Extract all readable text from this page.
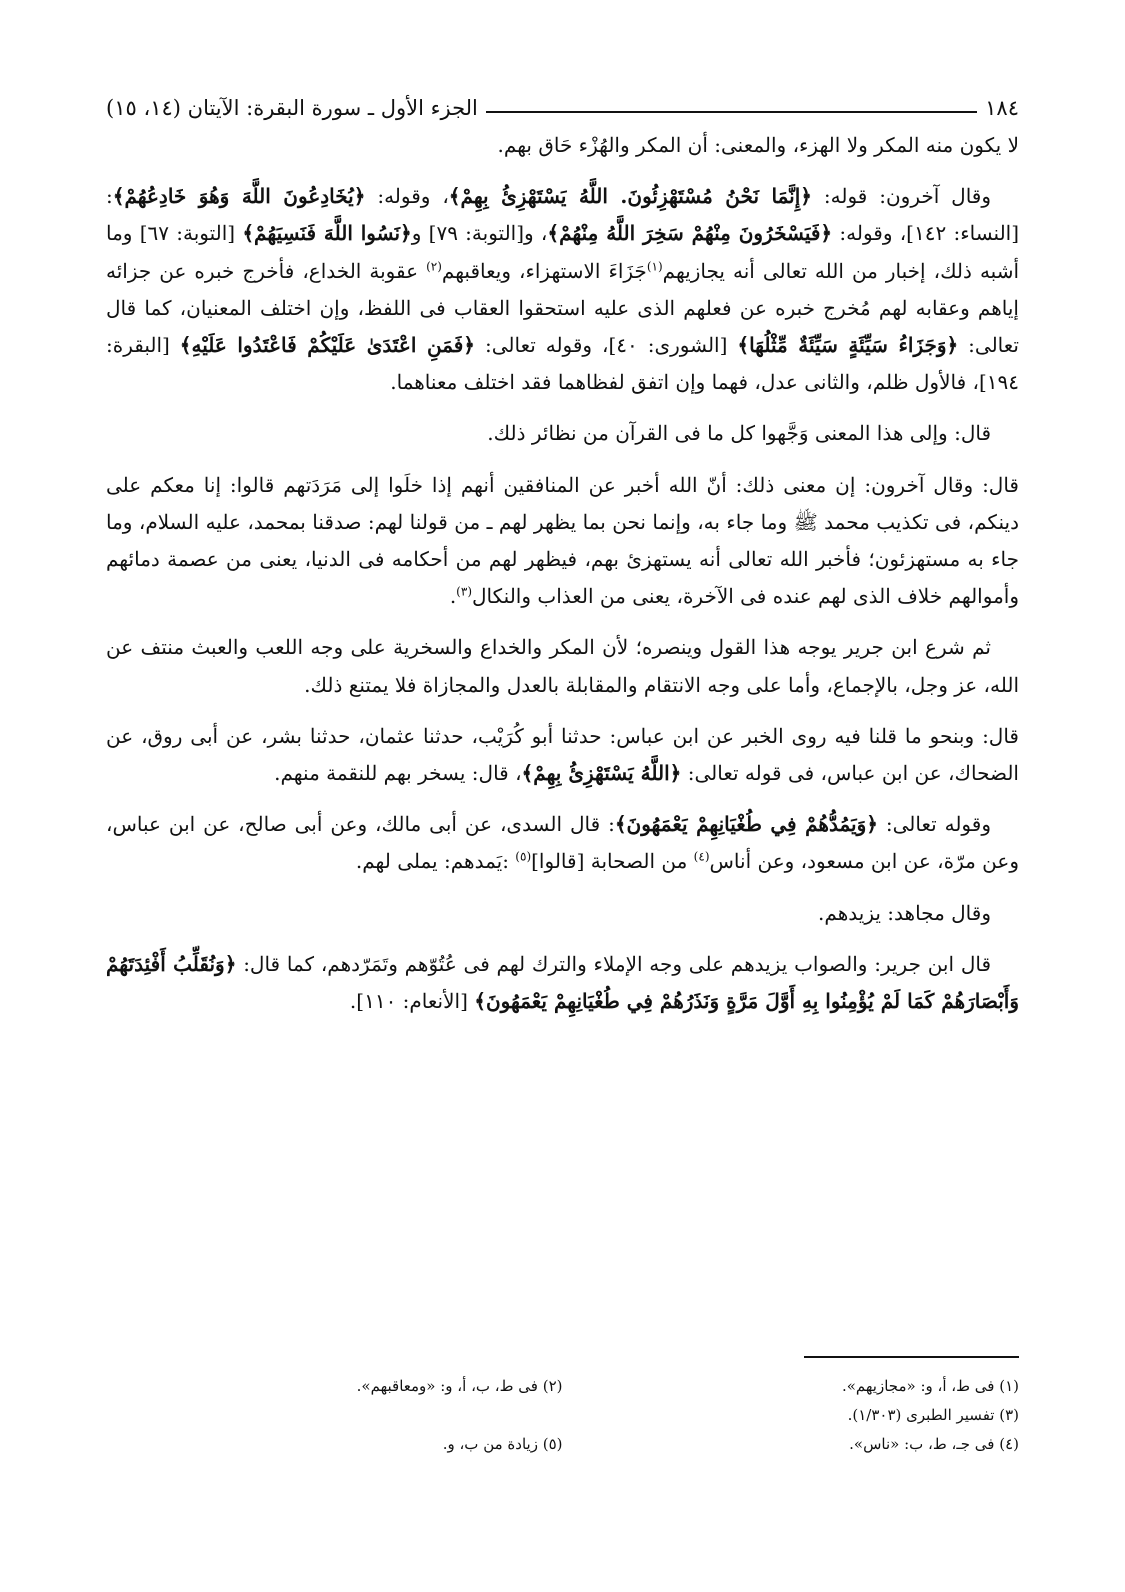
١٨٤
الجزء الأول ـ سورة البقرة: الآيتان (١٤، ١٥)

لا يكون منه المكر ولا الهزء، والمعنى: أن المكر والهُزْء حَاق بهم.

وقال آخرون: قوله: ﴿إِنَّمَا نَحْنُ مُسْتَهْزِئُونَ. اللَّهُ يَسْتَهْزِئُ بِهِمْ﴾، وقوله: ﴿يُخَادِعُونَ اللَّهَ وَهُوَ خَادِعُهُمْ﴾: [النساء: ١٤٢]، وقوله: ﴿فَيَسْخَرُونَ مِنْهُمْ سَخِرَ اللَّهُ مِنْهُمْ﴾، و[التوبة: ٧٩] و﴿نَسُوا اللَّهَ فَنَسِيَهُمْ﴾ [التوبة: ٦٧] وما أشبه ذلك، إخبار من الله تعالى أنه يجازيهم$^{(١)}$جَزَاءَ الاستهزاء، ويعاقبهم$^{(٢)}$ عقوبة الخداع، فأخرج خبره عن جزائه إياهم وعقابه لهم مُخرج خبره عن فعلهم الذى عليه استحقوا العقاب فى اللفظ، وإن اختلف المعنيان، كما قال تعالى: ﴿وَجَزَاءُ سَيِّئَةٍ سَيِّئَةٌ مِّثْلُهَا﴾ [الشورى: ٤٠]، وقوله تعالى: ﴿فَمَنِ اعْتَدَىٰ عَلَيْكُمْ فَاعْتَدُوا عَلَيْهِ﴾ [البقرة: ١٩٤]، فالأول ظلم، والثانى عدل، فهما وإن اتفق لفظاهما فقد اختلف معناهما.

قال: وإلى هذا المعنى وَجَّهوا كل ما فى القرآن من نظائر ذلك.

قال: وقال آخرون: إن معنى ذلك: أنّ الله أخبر عن المنافقين أنهم إذا خلَوا إلى مَرَدَتهم قالوا: إنا معكم على دينكم، فى تكذيب محمد ﷺ وما جاء به، وإنما نحن بما يظهر لهم ـ من قولنا لهم: صدقنا بمحمد، عليه السلام، وما جاء به مستهزئون؛ فأخبر الله تعالى أنه يستهزئ بهم، فيظهر لهم من أحكامه فى الدنيا، يعنى من عصمة دمائهم وأموالهم خلاف الذى لهم عنده فى الآخرة، يعنى من العذاب والنكال$^{(٣)}$.

ثم شرع ابن جرير يوجه هذا القول وينصره؛ لأن المكر والخداع والسخرية على وجه اللعب والعبث منتف عن الله، عز وجل، بالإجماع، وأما على وجه الانتقام والمقابلة بالعدل والمجازاة فلا يمتنع ذلك.

قال: وبنحو ما قلنا فيه روى الخبر عن ابن عباس: حدثنا أبو كُرَيْب، حدثنا عثمان، حدثنا بشر، عن أبى روق، عن الضحاك، عن ابن عباس، فى قوله تعالى: ﴿اللَّهُ يَسْتَهْزِئُ بِهِمْ﴾، قال: يسخر بهم للنقمة منهم.

وقوله تعالى: ﴿وَيَمُدُّهُمْ فِي طُغْيَانِهِمْ يَعْمَهُونَ﴾: قال السدى، عن أبى مالك، وعن أبى صالح، عن ابن عباس، وعن مرّة، عن ابن مسعود، وعن أناس$^{(٤)}$ من الصحابة [قالوا]$^{(٥)}$ :يَمدهم: يملى لهم.

وقال مجاهد: يزيدهم.

قال ابن جرير: والصواب يزيدهم على وجه الإملاء والترك لهم فى عُتُوّهم وتَمَرّدهم، كما قال: ﴿وَنُقَلِّبُ أَفْئِدَتَهُمْ وَأَبْصَارَهُمْ كَمَا لَمْ يُؤْمِنُوا بِهِ أَوَّلَ مَرَّةٍ وَنَذَرُهُمْ فِي طُغْيَانِهِمْ يَعْمَهُونَ﴾ [الأنعام: ١١٠].

(١) فى ط، أ، و: «مجازيهم».
(٢) فى ط، ب، أ، و: «ومعاقبهم».
(٣) تفسير الطبرى (١/٣٠٣).
(٤) فى جـ، ط، ب: «ناس».
(٥) زيادة من ب، و.
